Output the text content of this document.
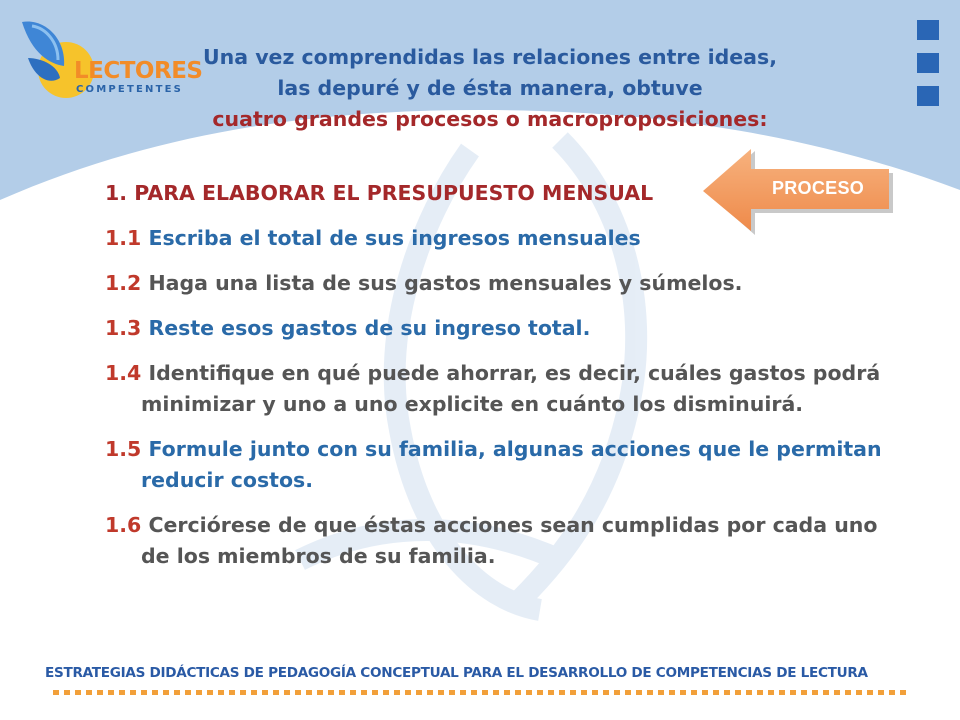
LECTORES
COMPETENTES
Una vez comprendidas las relaciones entre ideas,
las depuré y de ésta manera, obtuve
cuatro grandes procesos o macroproposiciones:
PROCESO
1. PARA ELABORAR EL PRESUPUESTO MENSUAL
1.1 Escriba el total de sus ingresos mensuales
1.2 Haga una lista de sus gastos mensuales y súmelos.
1.3 Reste esos gastos de su ingreso total.
1.4 Identifique en qué puede ahorrar, es decir, cuáles gastos podrá minimizar y uno a uno explicite en cuánto los disminuirá.
1.5 Formule junto con su familia, algunas acciones que le permitan reducir costos.
1.6 Cerciórese de que éstas acciones sean cumplidas por cada uno de los miembros de su familia.
ESTRATEGIAS DIDÁCTICAS DE PEDAGOGÍA CONCEPTUAL PARA EL DESARROLLO DE COMPETENCIAS DE LECTURA
